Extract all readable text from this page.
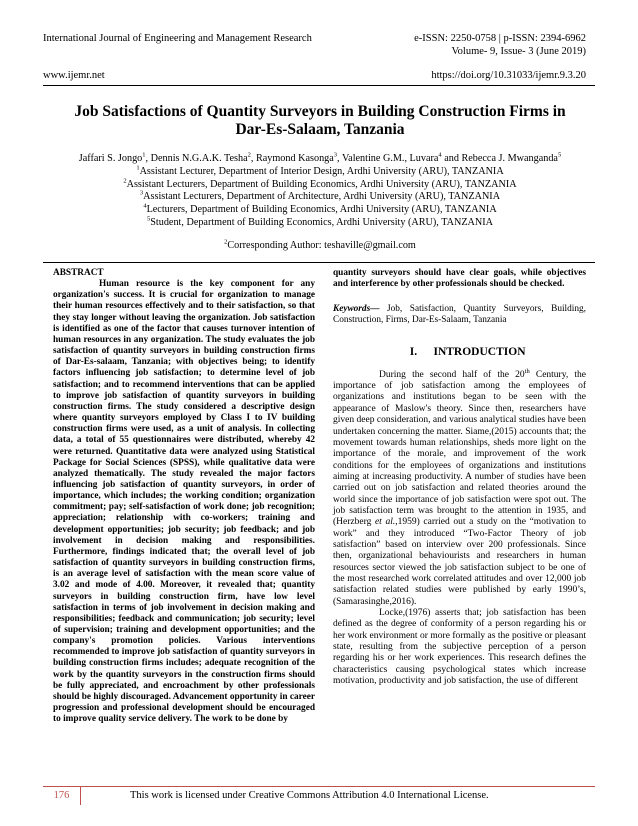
International Journal of Engineering and Management Research
www.ijemr.net
e-ISSN: 2250-0758 | p-ISSN: 2394-6962
Volume- 9, Issue- 3 (June 2019)
https://doi.org/10.31033/ijemr.9.3.20
Job Satisfactions of Quantity Surveyors in Building Construction Firms in Dar-Es-Salaam, Tanzania
Jaffari S. Jongo$^1$, Dennis N.G.A.K. Tesha$^2$, Raymond Kasonga$^3$, Valentine G.M., Luvara$^4$ and Rebecca J. Mwanganda$^5$
$^1$Assistant Lecturer, Department of Interior Design, Ardhi University (ARU), TANZANIA
$^2$Assistant Lecturers, Department of Building Economics, Ardhi University (ARU), TANZANIA
$^3$Assistant Lecturers, Department of Architecture, Ardhi University (ARU), TANZANIA
$^4$Lecturers, Department of Building Economics, Ardhi University (ARU), TANZANIA
$^5$Student, Department of Building Economics, Ardhi University (ARU), TANZANIA
$^2$Corresponding Author: teshaville@gmail.com
ABSTRACT

Human resource is the key component for any organization's success. It is crucial for organization to manage their human resources effectively and to their satisfaction, so that they stay longer without leaving the organization. Job satisfaction is identified as one of the factor that causes turnover intention of human resources in any organization. The study evaluates the job satisfaction of quantity surveyors in building construction firms of Dar-Es-salaam, Tanzania; with objectives being; to identify factors influencing job satisfaction; to determine level of job satisfaction; and to recommend interventions that can be applied to improve job satisfaction of quantity surveyors in building construction firms. The study considered a descriptive design where quantity surveyors employed by Class I to IV building construction firms were used, as a unit of analysis. In collecting data, a total of 55 questionnaires were distributed, whereby 42 were returned. Quantitative data were analyzed using Statistical Package for Social Sciences (SPSS), while qualitative data were analyzed thematically. The study revealed the major factors influencing job satisfaction of quantity surveyors, in order of importance, which includes; the working condition; organization commitment; pay; self-satisfaction of work done; job recognition; appreciation; relationship with co-workers; training and development opportunities; job security; job feedback; and job involvement in decision making and responsibilities. Furthermore, findings indicated that; the overall level of job satisfaction of quantity surveyors in building construction firms, is an average level of satisfaction with the mean score value of 3.02 and mode of 4.00. Moreover, it revealed that; quantity surveyors in building construction firm, have low level satisfaction in terms of job involvement in decision making and responsibilities; feedback and communication; job security; level of supervision; training and development opportunities; and the company's promotion policies. Various interventions recommended to improve job satisfaction of quantity surveyors in building construction firms includes; adequate recognition of the work by the quantity surveyors in the construction firms should be fully appreciated, and encroachment by other professionals should be highly discouraged. Advancement opportunity in career progression and professional development should be encouraged to improve quality service delivery. The work to be done by

quantity surveyors should have clear goals, while objectives and interference by other professionals should be checked.

Keywords— Job, Satisfaction, Quantity Surveyors, Building, Construction, Firms, Dar-Es-Salaam, Tanzania

I. INTRODUCTION

During the second half of the 20th Century, the importance of job satisfaction among the employees of organizations and institutions began to be seen with the appearance of Maslow's theory. Since then, researchers have given deep consideration, and various analytical studies have been undertaken concerning the matter. Siame,(2015) accounts that; the movement towards human relationships, sheds more light on the importance of the morale, and improvement of the work conditions for the employees of organizations and institutions aiming at increasing productivity. A number of studies have been carried out on job satisfaction and related theories around the world since the importance of job satisfaction were spot out. The job satisfaction term was brought to the attention in 1935, and (Herzberg et al.,1959) carried out a study on the “motivation to work” and they introduced “Two-Factor Theory of job satisfaction” based on interview over 200 professionals. Since then, organizational behaviourists and researchers in human resources sector viewed the job satisfaction subject to be one of the most researched work correlated attitudes and over 12,000 job satisfaction related studies were published by early 1990’s, (Samarasinghe,2016).

Locke,(1976) asserts that; job satisfaction has been defined as the degree of conformity of a person regarding his or her work environment or more formally as the positive or pleasant state, resulting from the subjective perception of a person regarding his or her work experiences. This research defines the characteristics causing psychological states which increase motivation, productivity and job satisfaction, the use of different

176	This work is licensed under Creative Commons Attribution 4.0 International License.
